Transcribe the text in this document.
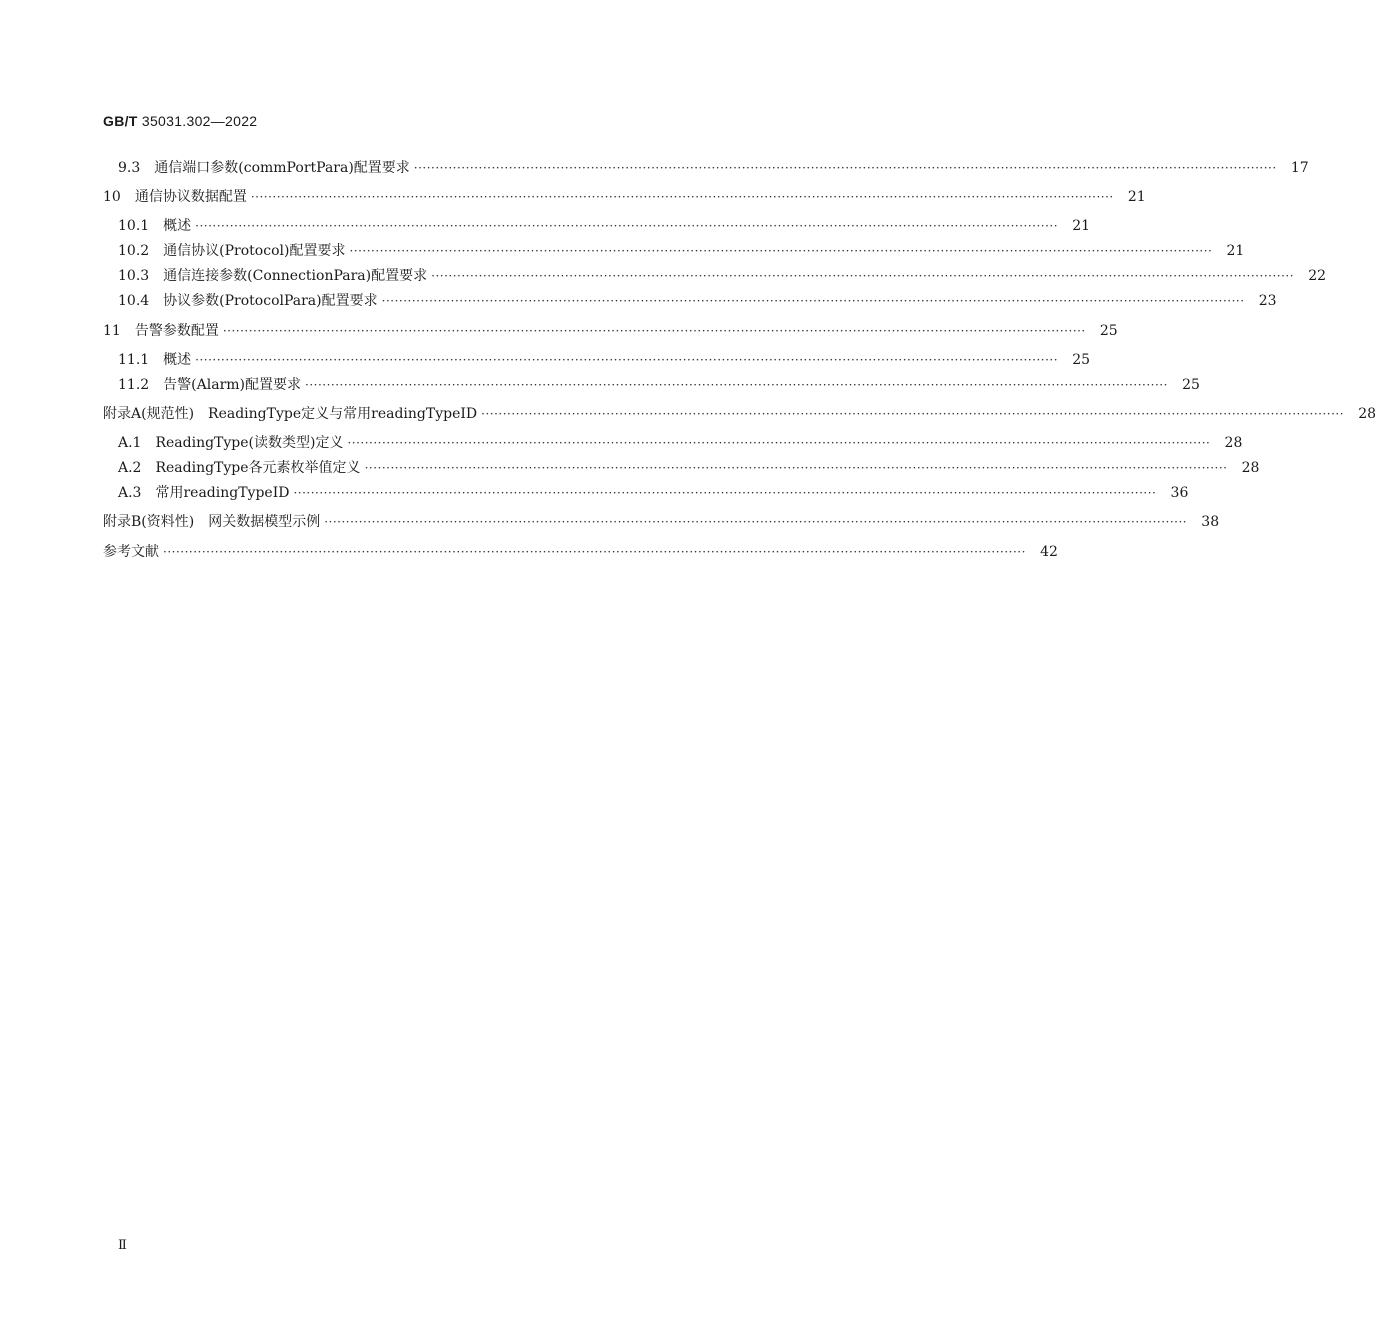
GB/T 35031.302—2022
9.3 通信端口参数(commPortPara)配置要求 ········································································································································································································	17
10 通信协议数据配置 ········································································································································································································	21
10.1 概述 ········································································································································································································	21
10.2 通信协议(Protocol)配置要求 ········································································································································································································	21
10.3 通信连接参数(ConnectionPara)配置要求 ········································································································································································································	22
10.4 协议参数(ProtocolPara)配置要求 ········································································································································································································	23
11 告警参数配置 ········································································································································································································	25
11.1 概述 ········································································································································································································	25
11.2 告警(Alarm)配置要求 ········································································································································································································	25
附录A(规范性) ReadingType定义与常用readingTypeID ········································································································································································································	28
A.1 ReadingType(读数类型)定义 ········································································································································································································	28
A.2 ReadingType各元素枚举值定义 ········································································································································································································	28
A.3 常用readingTypeID ········································································································································································································	36
附录B(资料性) 网关数据模型示例 ········································································································································································································	38
参考文献 ········································································································································································································	42
Ⅱ
